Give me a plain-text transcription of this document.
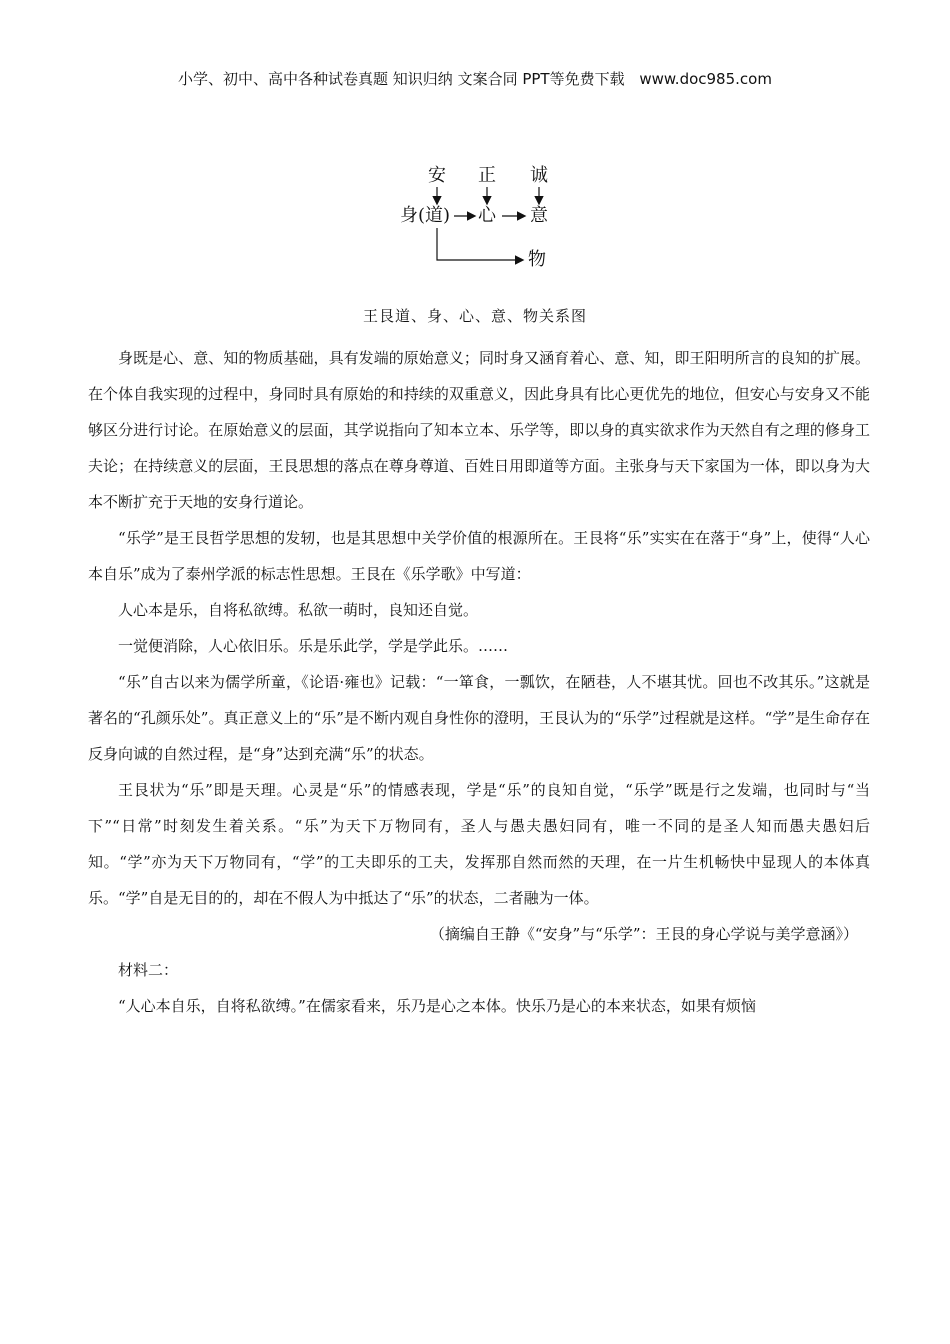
小学、初中、高中各种试卷真题 知识归纳 文案合同 PPT等免费下载 www.doc985.com
安 正 诚
身(道) 心 意
物
王艮道、身、心、意、物关系图

身既是心、意、知的物质基础，具有发端的原始意义；同时身又涵育着心、意、知，即王阳明所言的良知的扩展。在个体自我实现的过程中，身同时具有原始的和持续的双重意义，因此身具有比心更优先的地位，但安心与安身又不能够区分进行讨论。在原始意义的层面，其学说指向了知本立本、乐学等，即以身的真实欲求作为天然自有之理的修身工夫论；在持续意义的层面，王艮思想的落点在尊身尊道、百姓日用即道等方面。主张身与天下家国为一体，即以身为大本不断扩充于天地的安身行道论。

“乐学”是王艮哲学思想的发轫，也是其思想中关学价值的根源所在。王艮将“乐”实实在在落于“身”上，使得“人心本自乐”成为了泰州学派的标志性思想。王艮在《乐学歌》中写道：

人心本是乐，自将私欲缚。私欲一萌时，良知还自觉。

一觉便消除，人心依旧乐。乐是乐此学，学是学此乐。……

“乐”自古以来为儒学所童，《论语·雍也》记载：“一箪食，一瓢饮，在陋巷，人不堪其忧。回也不改其乐。”这就是著名的“孔颜乐处”。真正意义上的“乐”是不断内观自身性你的澄明，王艮认为的“乐学”过程就是这样。“学”是生命存在反身向诚的自然过程，是“身”达到充满“乐”的状态。

王艮状为“乐”即是天理。心灵是“乐”的情感表现，学是“乐”的良知自觉，“乐学”既是行之发端，也同时与“当下”“日常”时刻发生着关系。“乐”为天下万物同有，圣人与愚夫愚妇同有，唯一不同的是圣人知而愚夫愚妇后知。“学”亦为天下万物同有，“学”的工夫即乐的工夫，发挥那自然而然的天理，在一片生机畅快中显现人的本体真乐。“学”自是无目的的，却在不假人为中抵达了“乐”的状态，二者融为一体。

（摘编自王静《“安身”与“乐学”：王艮的身心学说与美学意涵》）

材料二：

“人心本自乐，自将私欲缚。”在儒家看来，乐乃是心之本体。快乐乃是心的本来状态，如果有烦恼
